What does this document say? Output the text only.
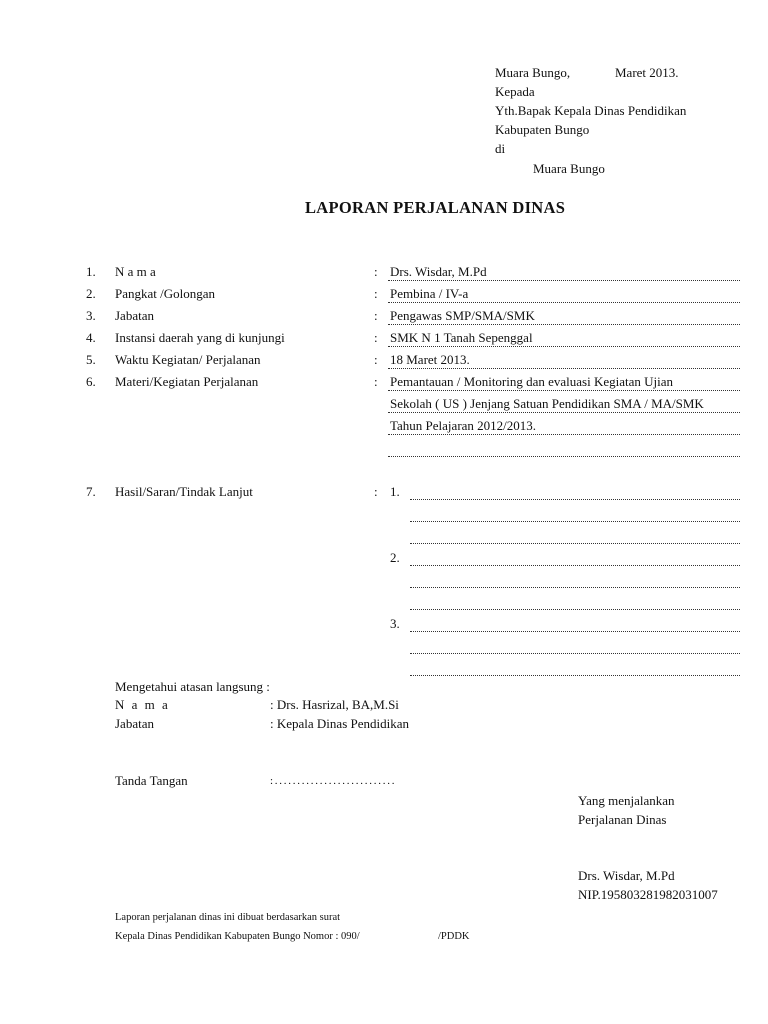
Muara Bungo,	Maret 2013.
Kepada
Yth.Bapak Kepala Dinas Pendidikan
Kabupaten Bungo
di
Muara Bungo
LAPORAN PERJALANAN DINAS
1. N a m a	: Drs. Wisdar, M.Pd
2. Pangkat /Golongan	: Pembina / IV-a
3. Jabatan	: Pengawas SMP/SMA/SMK
4. Instansi daerah yang di kunjungi	: SMK N 1 Tanah Sepenggal
5. Waktu Kegiatan/ Perjalanan	: 18 Maret 2013.
6. Materi/Kegiatan Perjalanan	: Pemantauan / Monitoring dan evaluasi Kegiatan Ujian
Sekolah ( US ) Jenjang Satuan Pendidikan SMA / MA/SMK
Tahun Pelajaran 2012/2013.
7. Hasil/Saran/Tindak Lanjut	: 1.
2.
3.
Mengetahui atasan langsung :
N a m a	: Drs. Hasrizal, BA,M.Si
Jabatan	: Kepala Dinas Pendidikan
Tanda Tangan	: . . . . . . . . . . . . . . . . . . . . . . . . . . .
Yang menjalankan
Perjalanan Dinas
Drs. Wisdar, M.Pd
NIP.195803281982031007
Laporan perjalanan dinas ini dibuat berdasarkan surat
Kepala Dinas Pendidikan Kabupaten Bungo Nomor : 090/	/PDDK
